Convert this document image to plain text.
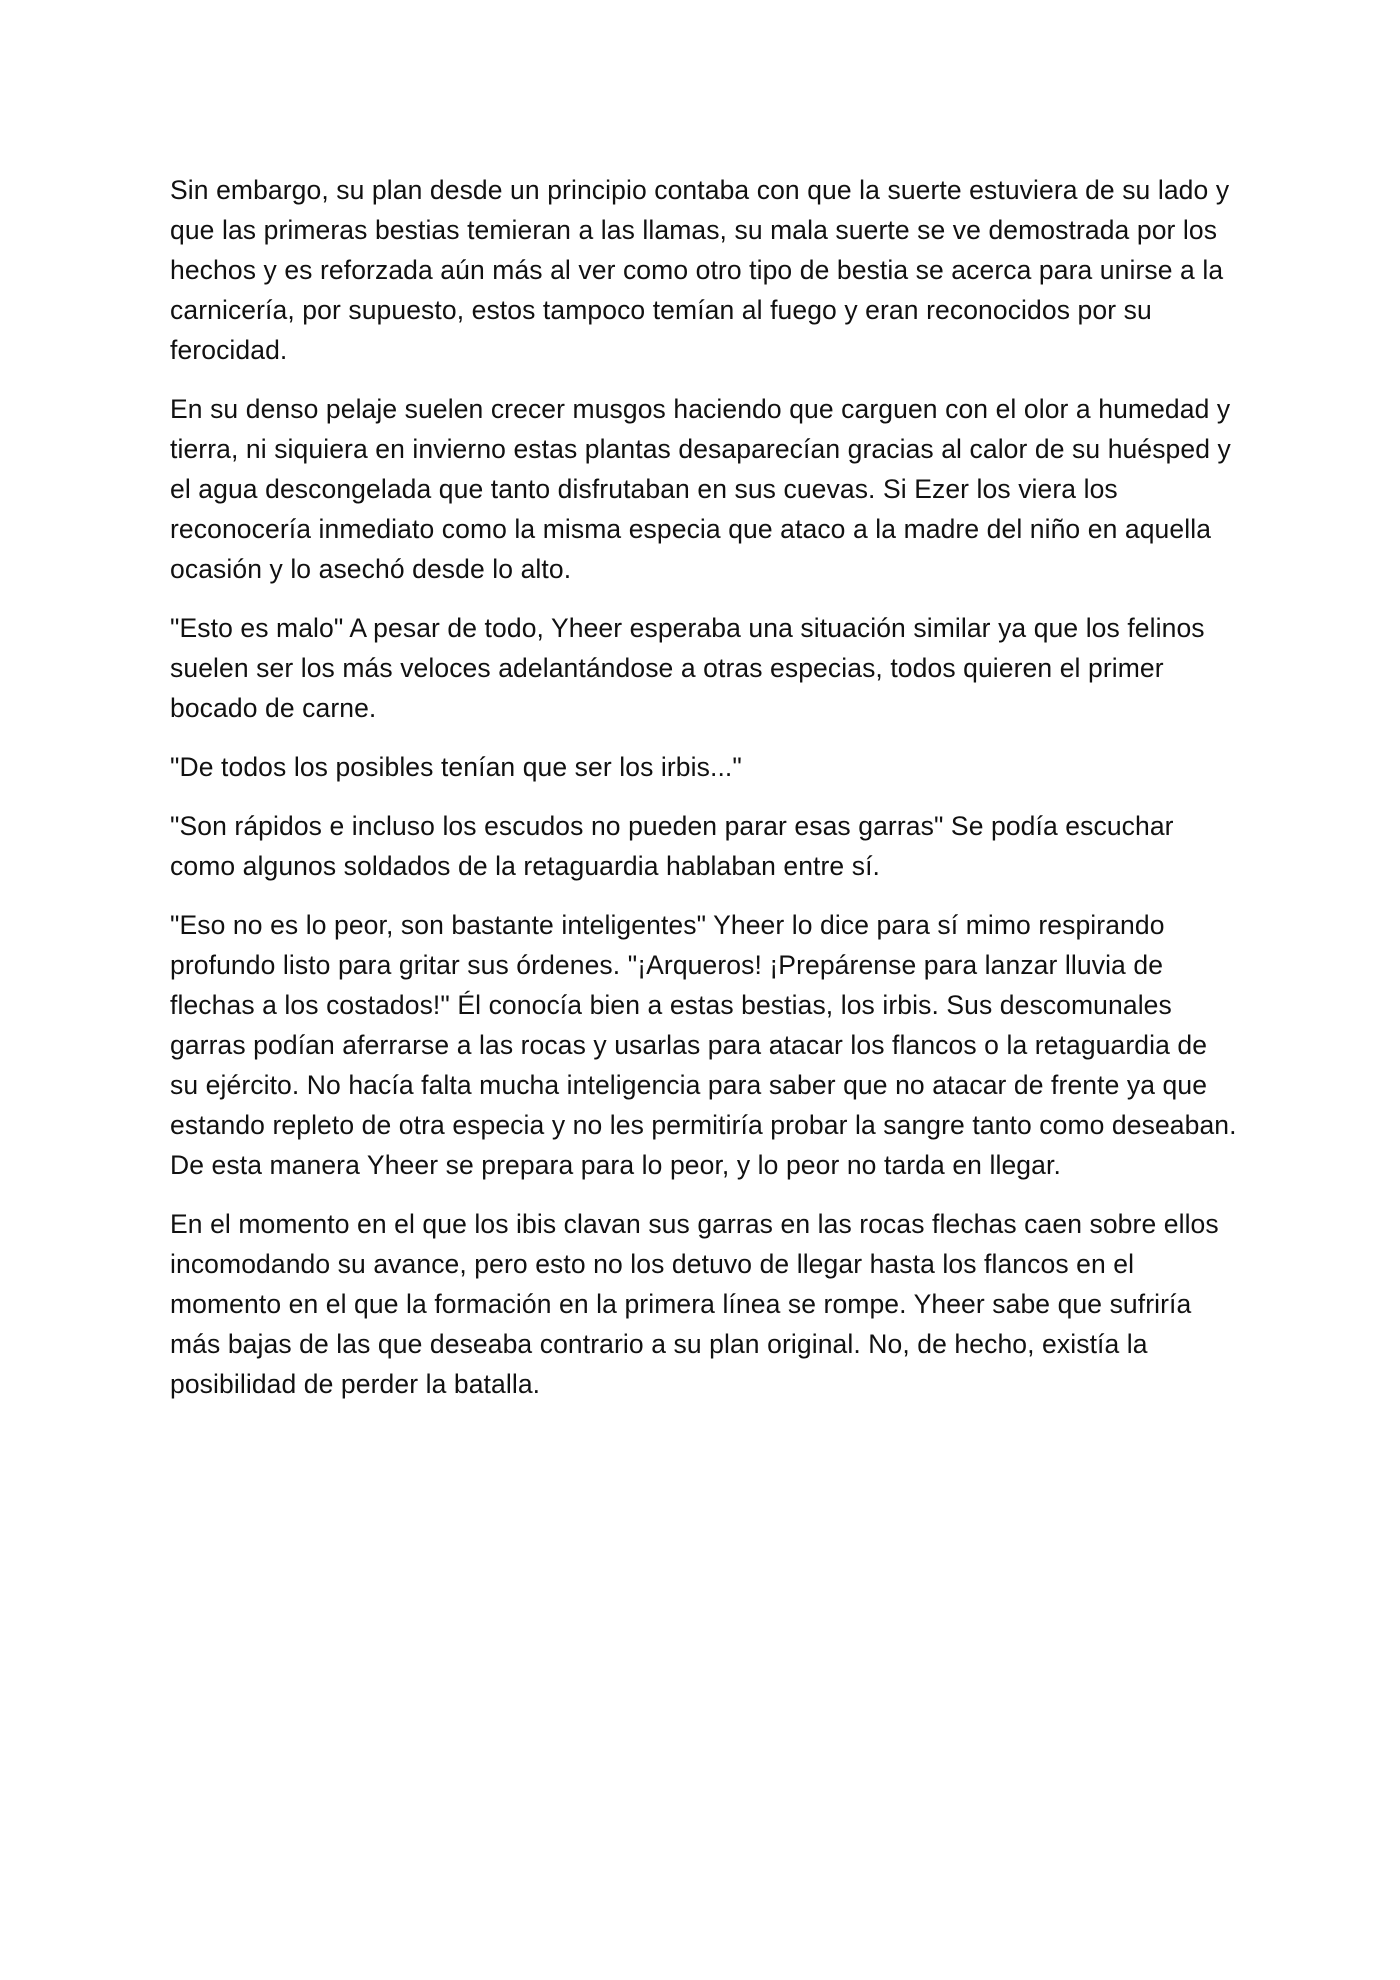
Sin embargo, su plan desde un principio contaba con que la suerte estuviera de su lado y que las primeras bestias temieran a las llamas, su mala suerte se ve demostrada por los hechos y es reforzada aún más al ver como otro tipo de bestia se acerca para unirse a la carnicería, por supuesto, estos tampoco temían al fuego y eran reconocidos por su ferocidad.

En su denso pelaje suelen crecer musgos haciendo que carguen con el olor a humedad y tierra, ni siquiera en invierno estas plantas desaparecían gracias al calor de su huésped y el agua descongelada que tanto disfrutaban en sus cuevas. Si Ezer los viera los reconocería inmediato como la misma especia que ataco a la madre del niño en aquella ocasión y lo asechó desde lo alto.

"Esto es malo" A pesar de todo, Yheer esperaba una situación similar ya que los felinos suelen ser los más veloces adelantándose a otras especias, todos quieren el primer bocado de carne.

"De todos los posibles tenían que ser los irbis..."

"Son rápidos e incluso los escudos no pueden parar esas garras" Se podía escuchar como algunos soldados de la retaguardia hablaban entre sí.

"Eso no es lo peor, son bastante inteligentes" Yheer lo dice para sí mimo respirando profundo listo para gritar sus órdenes. "¡Arqueros! ¡Prepárense para lanzar lluvia de flechas a los costados!" Él conocía bien a estas bestias, los irbis. Sus descomunales garras podían aferrarse a las rocas y usarlas para atacar los flancos o la retaguardia de su ejército. No hacía falta mucha inteligencia para saber que no atacar de frente ya que estando repleto de otra especia y no les permitiría probar la sangre tanto como deseaban. De esta manera Yheer se prepara para lo peor, y lo peor no tarda en llegar.

En el momento en el que los ibis clavan sus garras en las rocas flechas caen sobre ellos incomodando su avance, pero esto no los detuvo de llegar hasta los flancos en el momento en el que la formación en la primera línea se rompe. Yheer sabe que sufriría más bajas de las que deseaba contrario a su plan original. No, de hecho, existía la posibilidad de perder la batalla.
